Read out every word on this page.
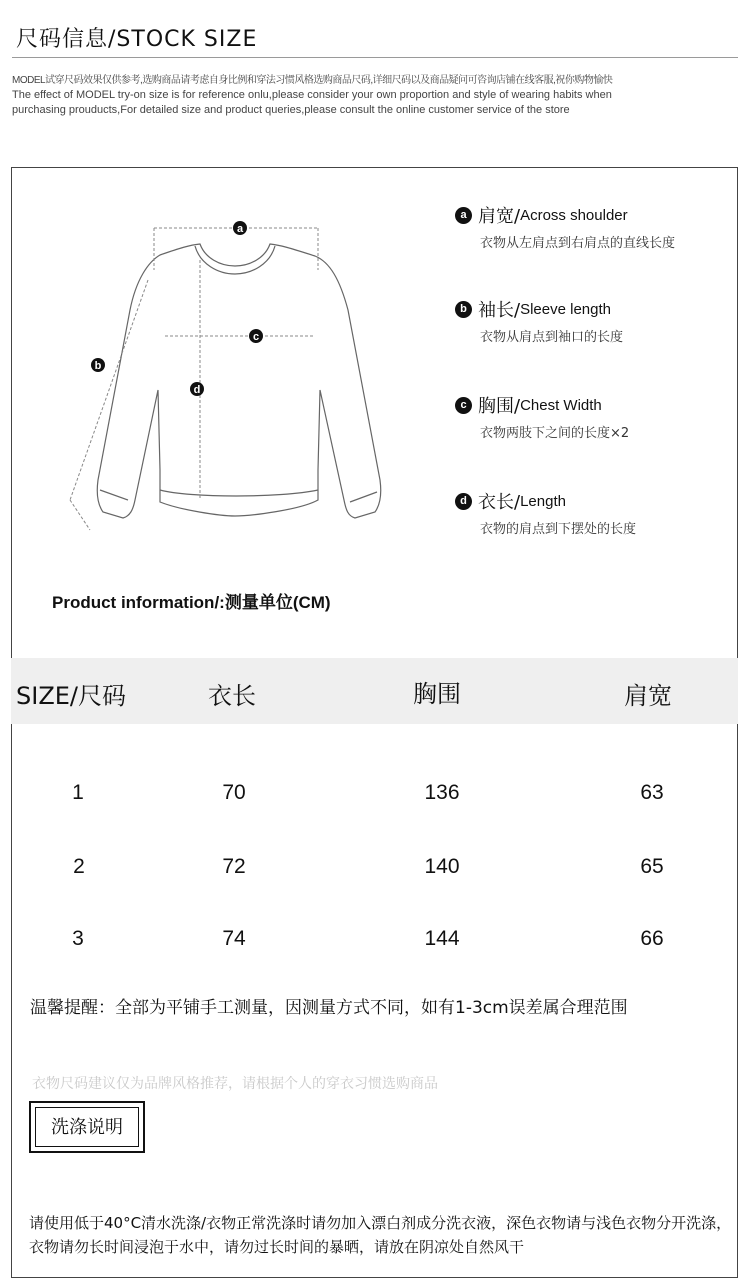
尺码信息/STOCK SIZE
MODEL试穿尺码效果仅供参考,选购商品请考虑自身比例和穿法习惯风格选购商品尺码,详细尺码以及商品疑问可咨询店铺在线客服,祝你购物愉快
The effect of MODEL try-on size is for reference onlu,please consider your own proportion and style of wearing habits when
purchasing prouducts,For detailed size and product queries,please consult the online customer service of the store
a
b
c
d
a 肩宽/ Across shoulder
衣物从左肩点到右肩点的直线长度
b 袖长/ Sleeve length
衣物从肩点到袖口的长度
c 胸围/ Chest Width
衣物两肢下之间的长度×2
d 衣长/ Length
衣物的肩点到下摆处的长度
Product information/:测量单位(CM)
SIZE/尺码	衣长	胸围	肩宽
1	70	136	63
2	72	140	65
3	74	144	66
温馨提醒：全部为平铺手工测量，因测量方式不同，如有1-3cm误差属合理范围
衣物尺码建议仅为品牌风格推荐，请根据个人的穿衣习惯选购商品
洗涤说明
请使用低于40°C清水洗涤/衣物正常洗涤时请勿加入漂白剂成分洗衣液，深色衣物请与浅色衣物分开洗涤，衣物请勿长时间浸泡于水中，请勿过长时间的暴晒，请放在阴凉处自然风干
